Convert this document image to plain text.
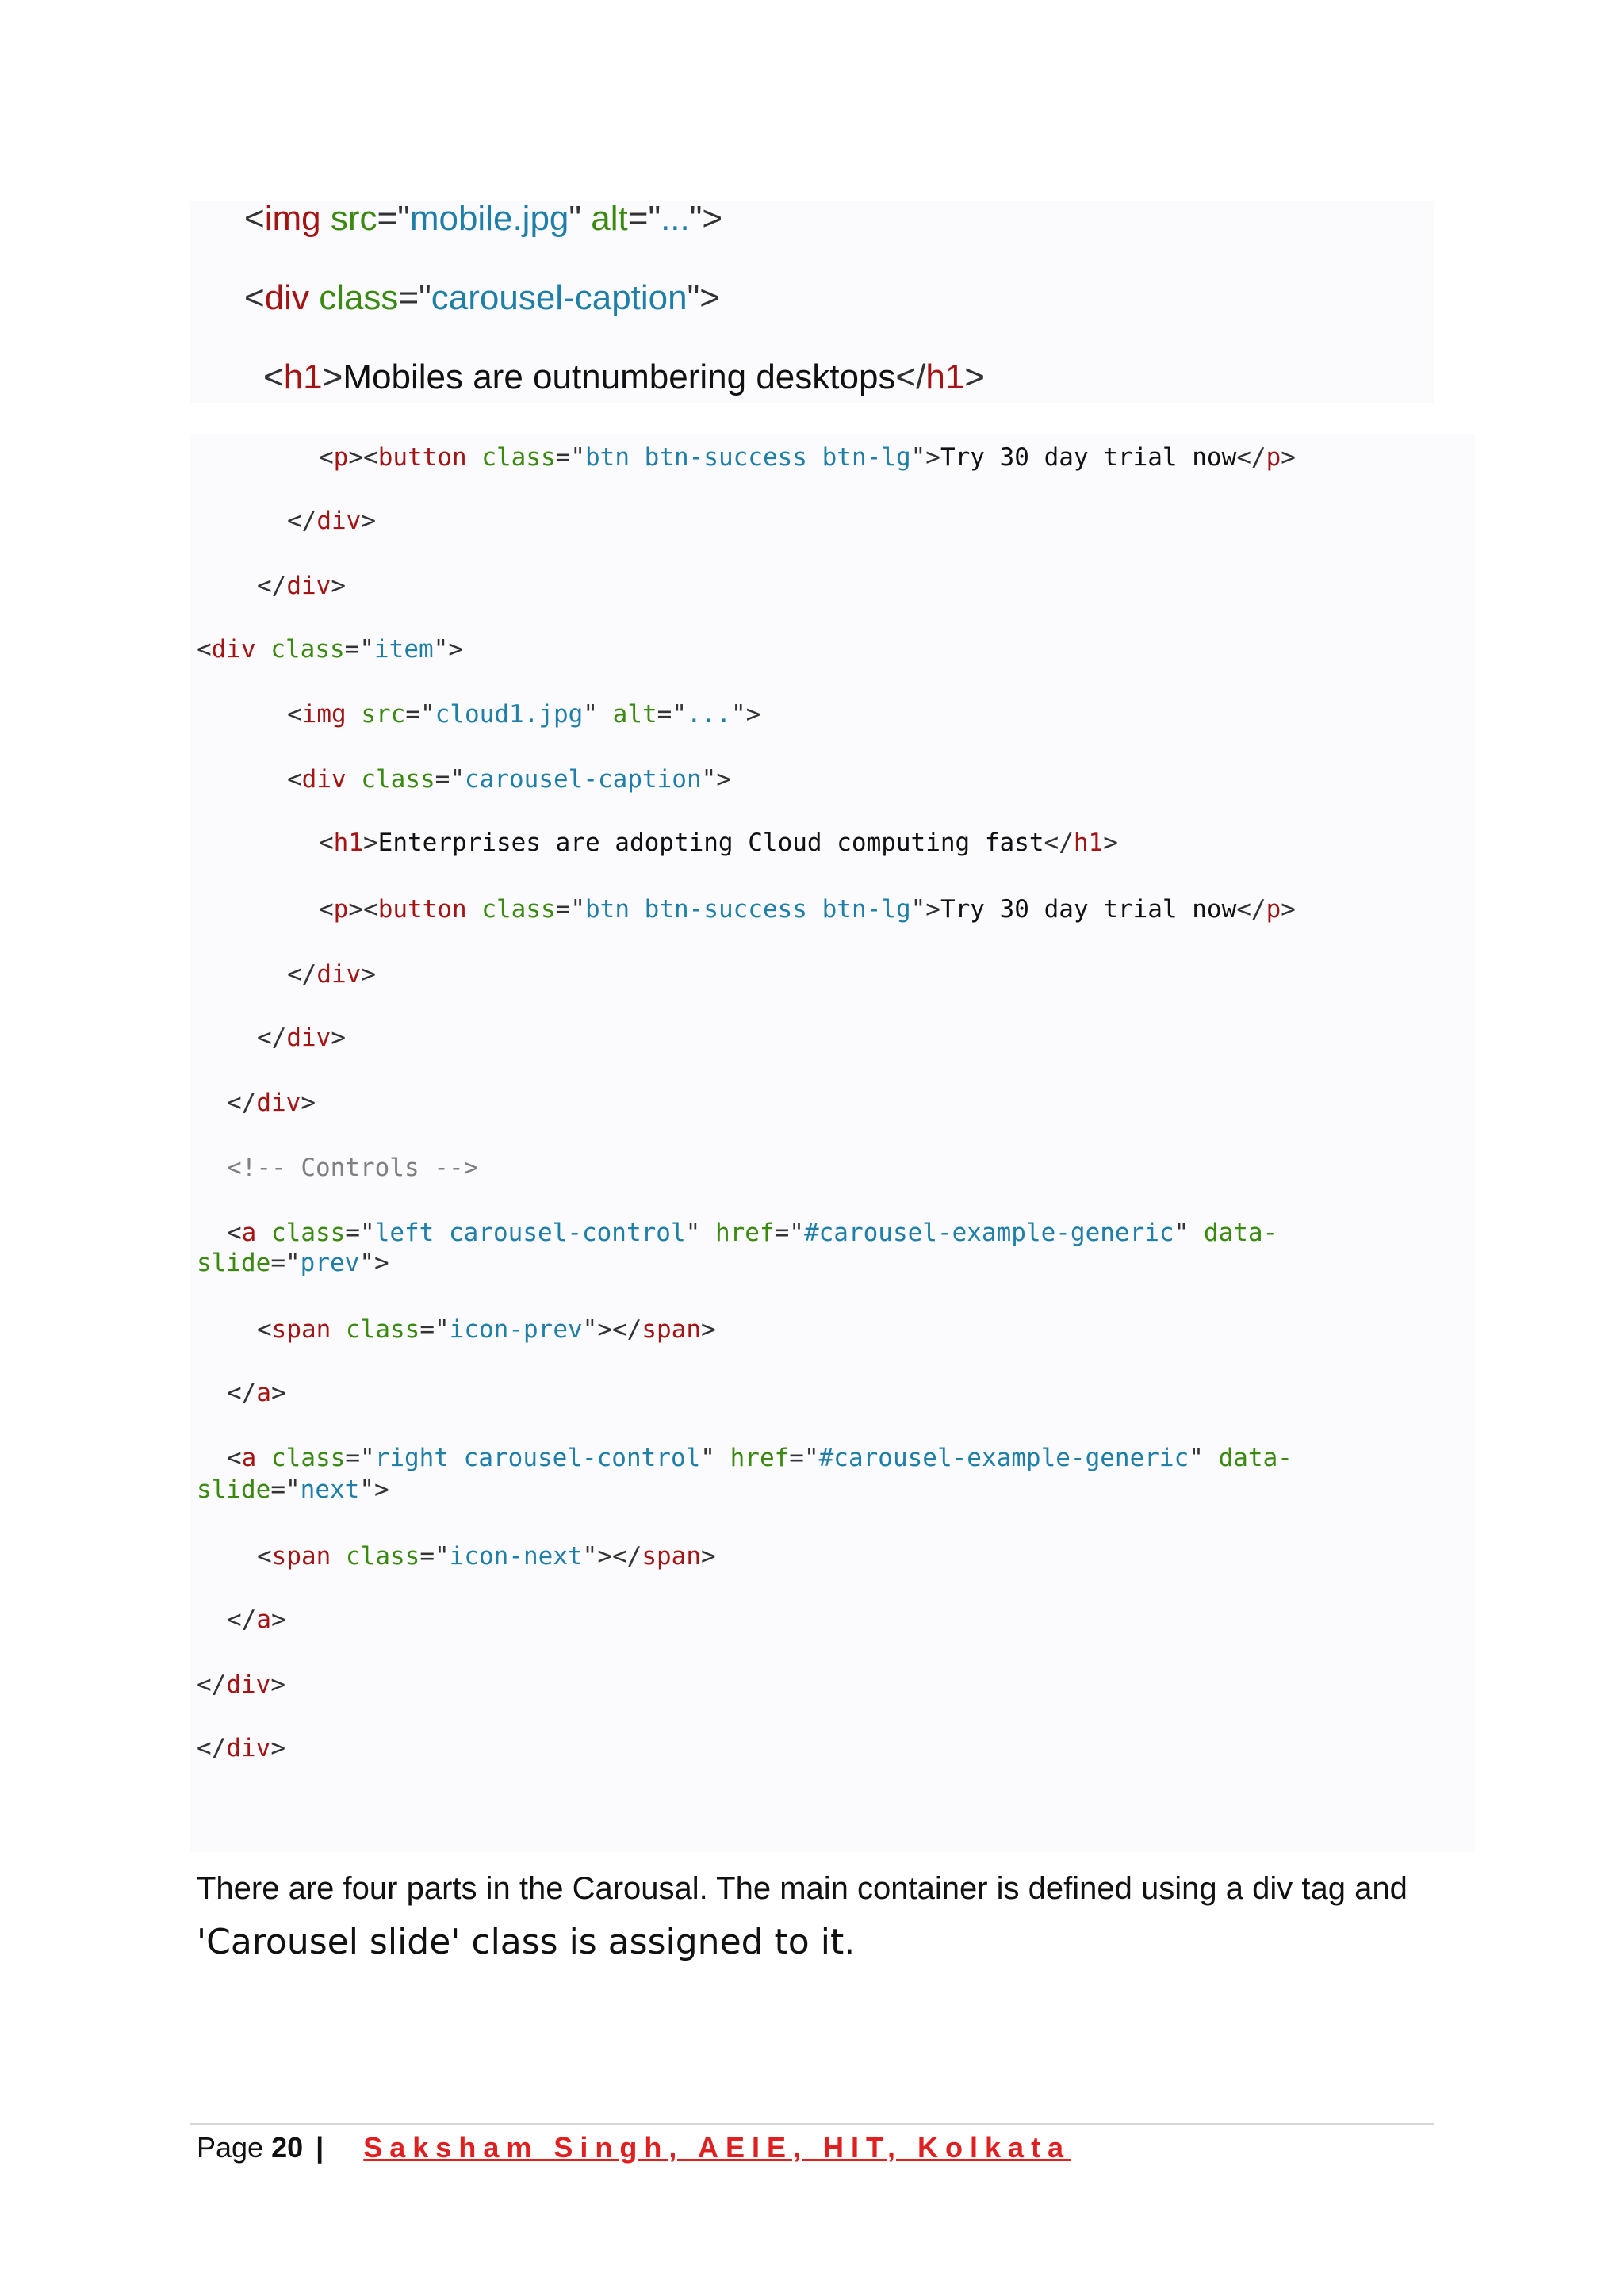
<img src="mobile.jpg" alt="...">
<div class="carousel-caption">
<h1>Mobiles are outnumbering desktops</h1>
<p><button class="btn btn-success btn-lg">Try 30 day trial now</p>
</div>
</div>
<div class="item">
<img src="cloud1.jpg" alt="...">
<div class="carousel-caption">
<h1>Enterprises are adopting Cloud computing fast</h1>
<p><button class="btn btn-success btn-lg">Try 30 day trial now</p>
</div>
</div>
</div>
<!-- Controls -->
<a class="left carousel-control" href="#carousel-example-generic" data-
slide="prev">
<span class="icon-prev"></span>
</a>
<a class="right carousel-control" href="#carousel-example-generic" data-
slide="next">
<span class="icon-next"></span>
</a>
</div>
</div>
There are four parts in the Carousal. The main container is defined using a div tag and
'Carousel slide' class is assigned to it.
Page 20 | Saksham Singh, AEIE, HIT, Kolkata
